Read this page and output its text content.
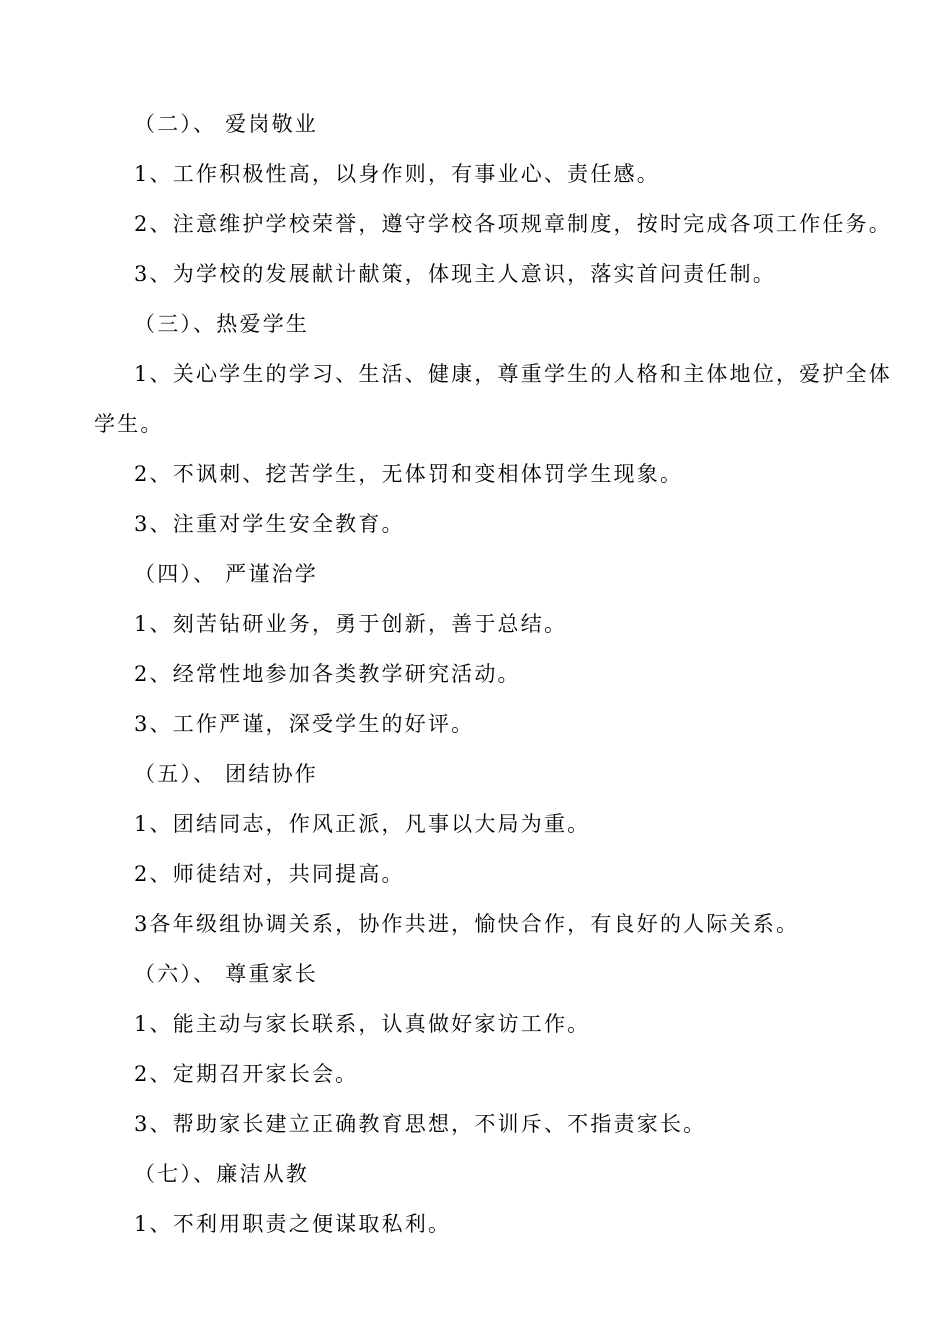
（二）、 爱岗敬业
1、工作积极性高，以身作则，有事业心、责任感。
2、注意维护学校荣誉，遵守学校各项规章制度，按时完成各项工作任务。
3、为学校的发展献计献策，体现主人意识，落实首问责任制。
（三）、热爱学生
1、关心学生的学习、生活、健康，尊重学生的人格和主体地位，爱护全体
学生。
2、不讽刺、挖苦学生，无体罚和变相体罚学生现象。
3、注重对学生安全教育。
（四）、 严谨治学
1、刻苦钻研业务，勇于创新，善于总结。
2、经常性地参加各类教学研究活动。
3、工作严谨，深受学生的好评。
（五）、 团结协作
1、团结同志，作风正派，凡事以大局为重。
2、师徒结对，共同提高。
3各年级组协调关系，协作共进，愉快合作，有良好的人际关系。
（六）、 尊重家长
1、能主动与家长联系，认真做好家访工作。
2、定期召开家长会。
3、帮助家长建立正确教育思想，不训斥、不指责家长。
（七）、廉洁从教
1、不利用职责之便谋取私利。
